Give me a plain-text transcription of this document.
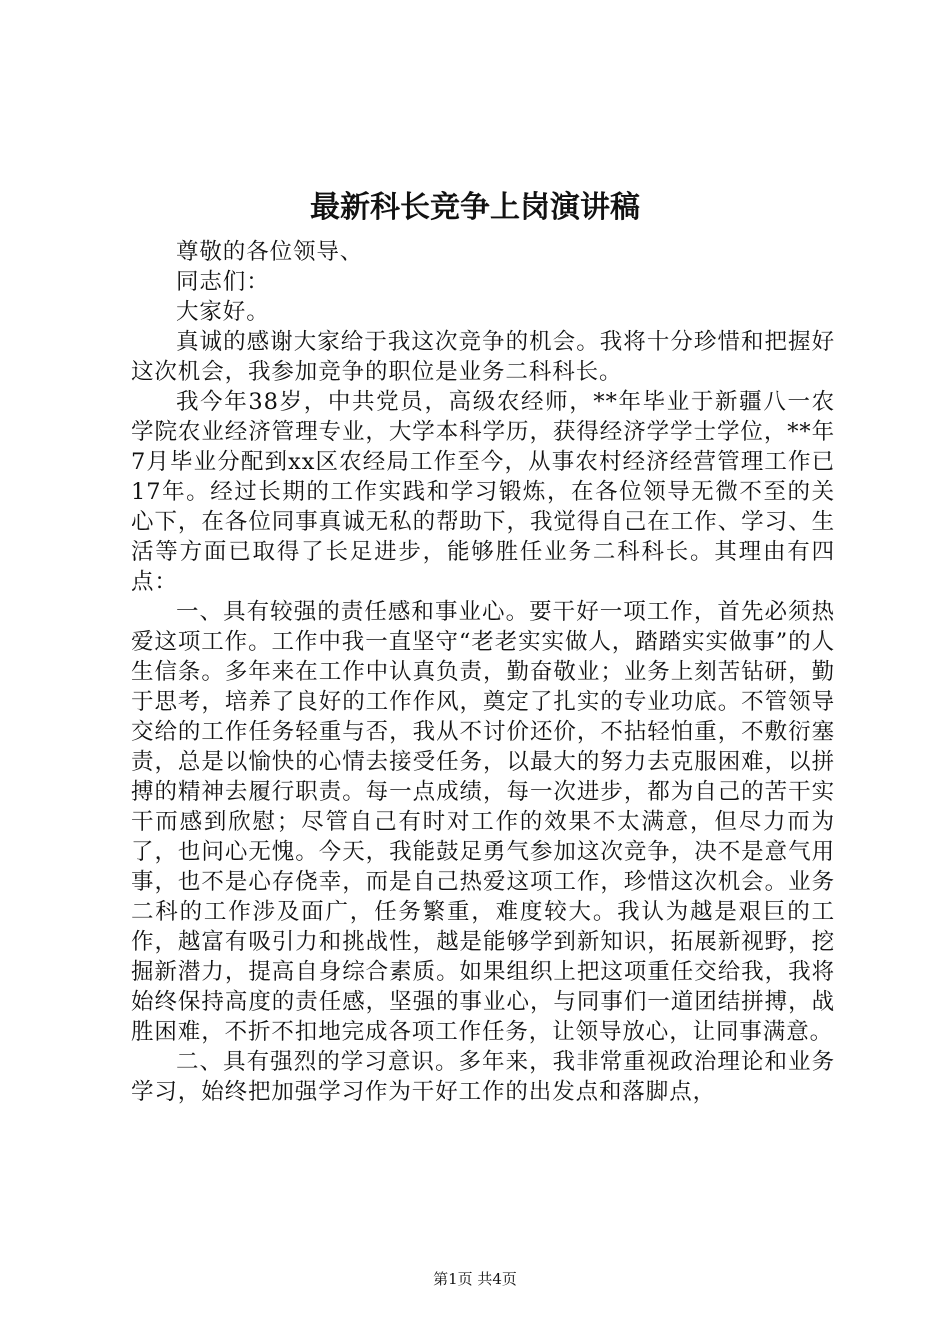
最新科长竞争上岗演讲稿

尊敬的各位领导、

同志们：

大家好。

真诚的感谢大家给于我这次竞争的机会。我将十分珍惜和把握好这次机会，我参加竞争的职位是业务二科科长。

我今年38岁，中共党员，高级农经师，**年毕业于新疆八一农学院农业经济管理专业，大学本科学历，获得经济学学士学位，**年7月毕业分配到xx区农经局工作至今，从事农村经济经营管理工作已17年。经过长期的工作实践和学习锻炼，在各位领导无微不至的关心下，在各位同事真诚无私的帮助下，我觉得自己在工作、学习、生活等方面已取得了长足进步，能够胜任业务二科科长。其理由有四点：

一、具有较强的责任感和事业心。要干好一项工作，首先必须热爱这项工作。工作中我一直坚守“老老实实做人，踏踏实实做事”的人生信条。多年来在工作中认真负责，勤奋敬业；业务上刻苦钻研，勤于思考，培养了良好的工作作风，奠定了扎实的专业功底。不管领导交给的工作任务轻重与否，我从不讨价还价，不拈轻怕重，不敷衍塞责，总是以愉快的心情去接受任务，以最大的努力去克服困难，以拼搏的精神去履行职责。每一点成绩，每一次进步，都为自己的苦干实干而感到欣慰；尽管自己有时对工作的效果不太满意，但尽力而为了，也问心无愧。今天，我能鼓足勇气参加这次竞争，决不是意气用事，也不是心存侥幸，而是自己热爱这项工作，珍惜这次机会。业务二科的工作涉及面广，任务繁重，难度较大。我认为越是艰巨的工作，越富有吸引力和挑战性，越是能够学到新知识，拓展新视野，挖掘新潜力，提高自身综合素质。如果组织上把这项重任交给我，我将始终保持高度的责任感，坚强的事业心，与同事们一道团结拼搏，战胜困难，不折不扣地完成各项工作任务，让领导放心，让同事满意。

二、具有强烈的学习意识。多年来，我非常重视政治理论和业务学习，始终把加强学习作为干好工作的出发点和落脚点，

第1页 共4页
